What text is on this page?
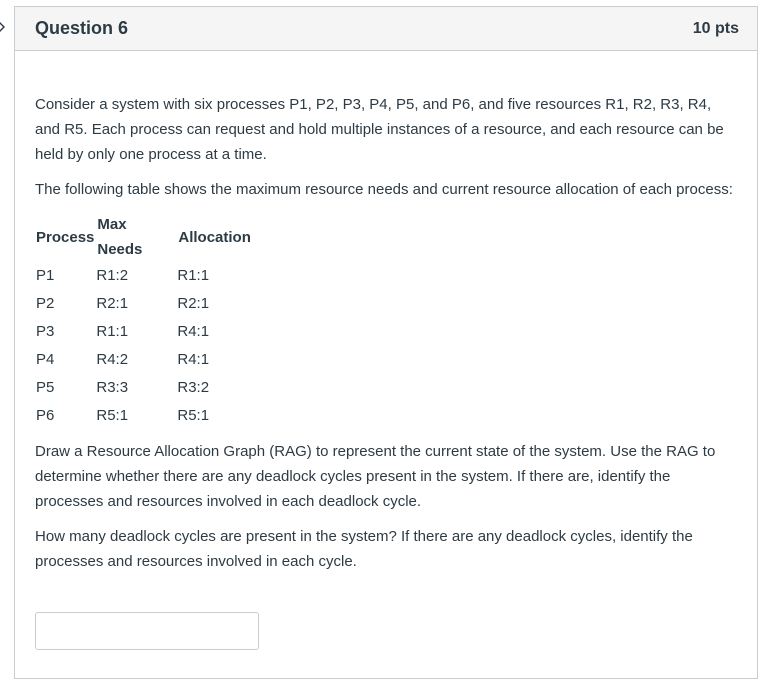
Question 6	10 pts

Consider a system with six processes P1, P2, P3, P4, P5, and P6, and five resources R1, R2, R3, R4, and R5. Each process can request and hold multiple instances of a resource, and each resource can be held by only one process at a time.

The following table shows the maximum resource needs and current resource allocation of each process:

Process	Max Needs	Allocation
P1	R1:2	R1:1
P2	R2:1	R2:1
P3	R1:1	R4:1
P4	R4:2	R4:1
P5	R3:3	R3:2
P6	R5:1	R5:1

Draw a Resource Allocation Graph (RAG) to represent the current state of the system. Use the RAG to determine whether there are any deadlock cycles present in the system. If there are, identify the processes and resources involved in each deadlock cycle.

How many deadlock cycles are present in the system? If there are any deadlock cycles, identify the processes and resources involved in each cycle.
